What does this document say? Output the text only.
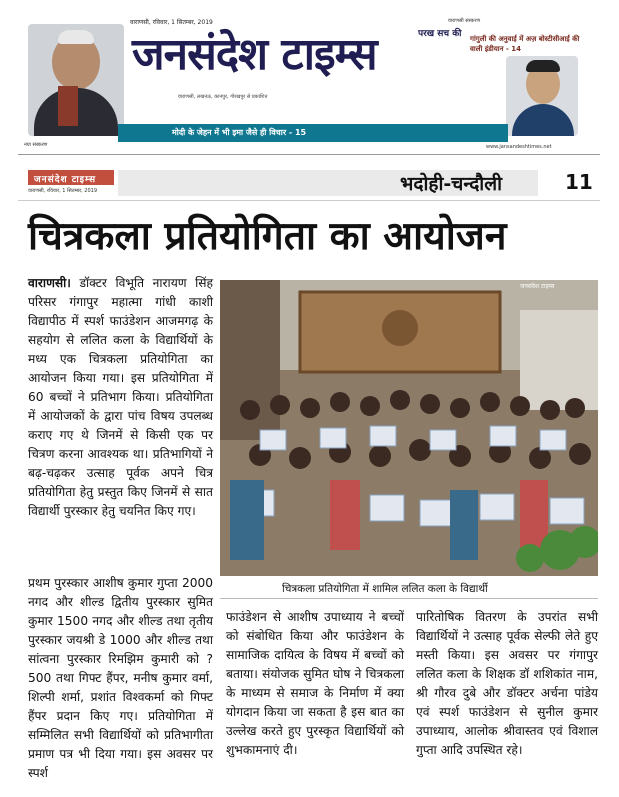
वाराणसी, रविवार, 1 सितम्बर, 2019	वाराणसी संस्करण
जनसंदेश टाइम्स	परख सच की गांगुली की अनुवाई में अज़ बोस्टीसीआई की वाली इंडीयान - 14
वाराणसी, लखनऊ, कानपुर, गोरखपुर से प्रकाशित
मोदी के जेहन में भी इमा जैसे ही विचार - 15
नया संस्करण	www.jansandeshtimes.net
जनसंदेश टाइम्स
वाराणसी, रविवार, 1 सितम्बर, 2019	भदोही-चन्दौली	11
चित्रकला प्रतियोगिता का आयोजन

वाराणसी। डॉक्टर विभूति नारायण सिंह परिसर गंगापुर महात्मा गांधी काशी विद्यापीठ में स्पर्श फाउंडेशन आजमगढ़ के सहयोग से ललित कला के विद्यार्थियों के मध्य एक चित्रकला प्रतियोगिता का आयोजन किया गया। इस प्रतियोगिता में 60 बच्चों ने प्रतिभाग किया। प्रतियोगिता में आयोजकों के द्वारा पांच विषय उपलब्ध कराए गए थे जिनमें से किसी एक पर चित्रण करना आवश्यक था। प्रतिभागियों ने बढ़-चढ़कर उत्साह पूर्वक अपने चित्र प्रतियोगिता हेतु प्रस्तुत किए जिनमें से सात विद्यार्थी पुरस्कार हेतु चयनित किए गए।

प्रथम पुरस्कार आशीष कुमार गुप्ता 2000 नगद और शील्ड द्वितीय पुरस्कार सुमित कुमार 1500 नगद और शील्ड तथा तृतीय पुरस्कार जयश्री डे 1000 और शील्ड तथा सांत्वना पुरस्कार रिमझिम कुमारी को ?500 तथा गिफ्ट हैंपर, मनीष कुमार वर्मा, शिल्पी शर्मा, प्रशांत विश्वकर्मा को गिफ्ट हैंपर प्रदान किए गए। प्रतियोगिता में सम्मिलित सभी विद्यार्थियों को प्रतिभागीता प्रमाण पत्र भी दिया गया। इस अवसर पर स्पर्श

जनसंदेश टाइम्स
चित्रकला प्रतियोगिता में शामिल ललित कला के विद्यार्थी

फाउंडेशन से आशीष उपाध्याय ने बच्चों को संबोधित किया और फाउंडेशन के सामाजिक दायित्व के विषय में बच्चों को बताया। संयोजक सुमित घोष ने चित्रकला के माध्यम से समाज के निर्माण में क्या योगदान किया जा सकता है इस बात का उल्लेख करते हुए पुरस्कृत विद्यार्थियों को शुभकामनाएं दी।

पारितोषिक वितरण के उपरांत सभी विद्यार्थियों ने उत्साह पूर्वक सेल्फी लेते हुए मस्ती किया। इस अवसर पर गंगापुर ललित कला के शिक्षक डॉ शशिकांत नाम, श्री गौरव दुबे और डॉक्टर अर्चना पांडेय एवं स्पर्श फाउंडेशन से सुनील कुमार उपाध्याय, आलोक श्रीवास्तव एवं विशाल गुप्ता आदि उपस्थित रहे।
